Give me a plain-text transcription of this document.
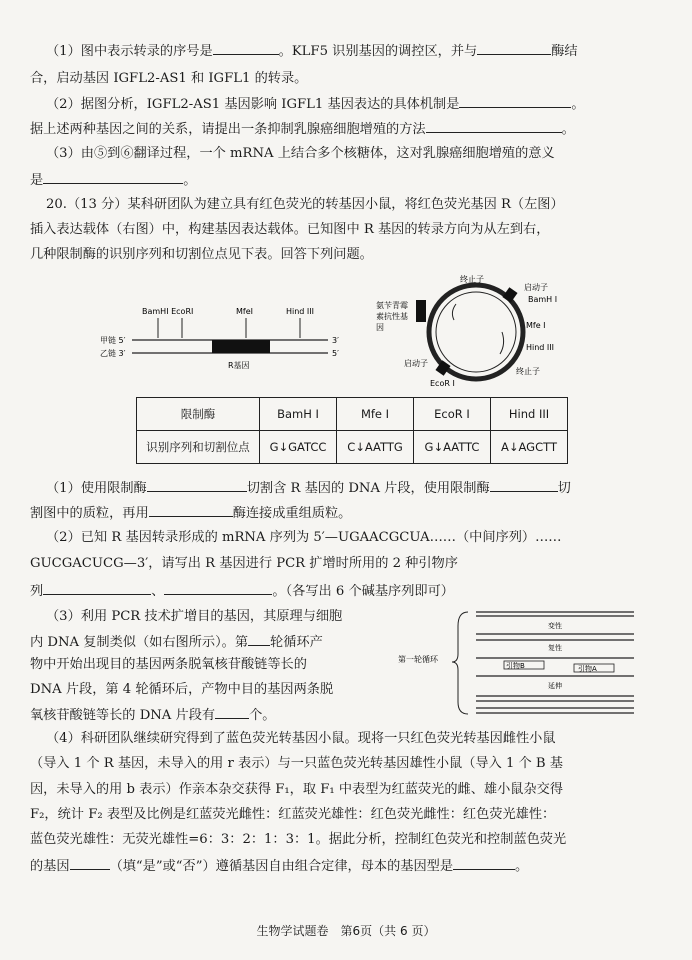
（1）图中表示转录的序号是	。KLF5 识别基因的调控区，并与	酶结
合，启动基因 IGFL2-AS1 和 IGFL1 的转录。
（2）据图分析，IGFL2-AS1 基因影响 IGFL1 基因表达的具体机制是	。
据上述两种基因之间的关系，请提出一条抑制乳腺癌细胞增殖的方法	。
（3）由⑤到⑥翻译过程，一个 mRNA 上结合多个核糖体，这对乳腺癌细胞增殖的意义
是	。
20.（13 分）某科研团队为建立具有红色荧光的转基因小鼠，将红色荧光基因 R（左图）
插入表达载体（右图）中，构建基因表达载体。已知图中 R 基因的转录方向为从左到右，
几种限制酶的识别序列和切割位点见下表。回答下列问题。
BamHI EcoRI	MfeI	Hind III
甲链 5′
乙链 3′
3′
5′
R基因
终止子
启动子
BamH I
Mfe I
Hind III
氨苄 青霉
素抗性基
因
启动子
EcoR I
终止子
限制酶	BamH I	Mfe I	EcoR I	Hind III
识别序列和切割位点	G↓GATCC	C↓AATTG	G↓AATTC	A↓AGCTT
（1）使用限制酶	切割含 R 基因的 DNA 片段，使用限制酶	切
割图中的质粒，再用	酶连接成重组质粒。
（2）已知 R 基因转录形成的 mRNA 序列为 5′—UGAACGCUA……（中间序列）……
GUCGACUCG—3′，请写出 R 基因进行 PCR 扩增时所用的 2 种引物序
列	、	。（各写出 6 个碱基序列即可）
（3）利用 PCR 技术扩增目的基因，其原理与细胞
内 DNA 复制类似（如右图所示）。第 轮循环产
物中开始出现目的基因两条脱氧核苷酸链等长的
DNA 片段，第 4 轮循环后，产物中目的基因两条脱
氧核苷酸链等长的 DNA 片段有	个。
第一轮循环
变性
复性
引物B	引物A
延伸
（4）科研团队继续研究得到了蓝色荧光转基因小鼠。现将一只红色荧光转基因雌性小鼠
（导入 1 个 R 基因，未导入的用 r 表示）与一只蓝色荧光转基因雄性小鼠（导入 1 个 B 基
因，未导入的用 b 表示）作亲本杂交获得 F₁，取 F₁ 中表型为红蓝荧光的雌、雄小鼠杂交得
F₂，统计 F₂ 表型及比例是红蓝荧光雌性：红蓝荧光雄性：红色荧光雌性：红色荧光雄性：
蓝色荧光雄性：无荧光雄性=6：3：2：1：3：1。据此分析，控制红色荧光和控制蓝色荧光
的基因	（填“是”或“否”）遵循基因自由组合定律，母本的基因型是	。
生物学试题卷　第6页（共 6 页）
